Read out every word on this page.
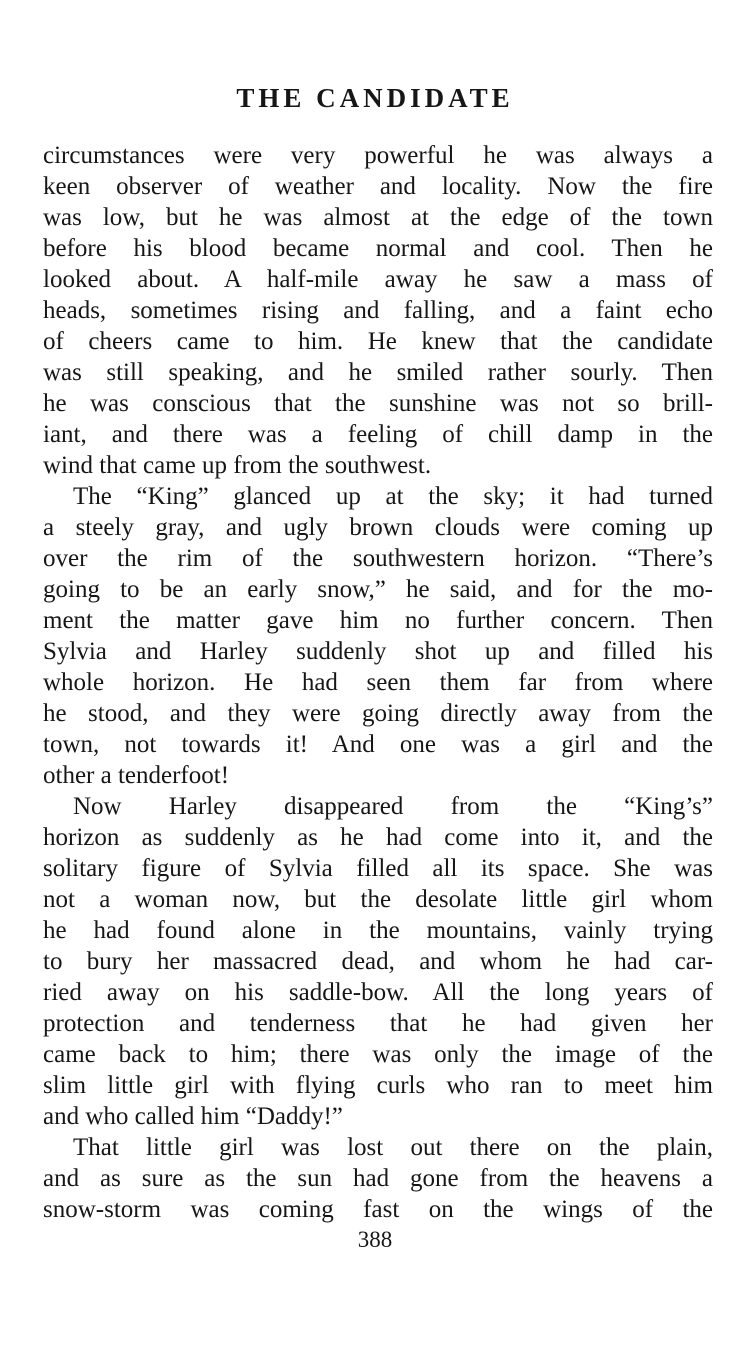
THE CANDIDATE
circumstances were very powerful he was always a
keen observer of weather and locality. Now the fire
was low, but he was almost at the edge of the town
before his blood became normal and cool. Then he
looked about. A half-mile away he saw a mass of
heads, sometimes rising and falling, and a faint echo
of cheers came to him. He knew that the candidate
was still speaking, and he smiled rather sourly. Then
he was conscious that the sunshine was not so brill-
iant, and there was a feeling of chill damp in the
wind that came up from the southwest.
The “King” glanced up at the sky; it had turned
a steely gray, and ugly brown clouds were coming up
over the rim of the southwestern horizon. “There’s
going to be an early snow,” he said, and for the mo-
ment the matter gave him no further concern. Then
Sylvia and Harley suddenly shot up and filled his
whole horizon. He had seen them far from where
he stood, and they were going directly away from the
town, not towards it! And one was a girl and the
other a tenderfoot!
Now Harley disappeared from the “King’s”
horizon as suddenly as he had come into it, and the
solitary figure of Sylvia filled all its space. She was
not a woman now, but the desolate little girl whom
he had found alone in the mountains, vainly trying
to bury her massacred dead, and whom he had car-
ried away on his saddle-bow. All the long years of
protection and tenderness that he had given her
came back to him; there was only the image of the
slim little girl with flying curls who ran to meet him
and who called him “Daddy!”
That little girl was lost out there on the plain,
and as sure as the sun had gone from the heavens a
snow-storm was coming fast on the wings of the
388
